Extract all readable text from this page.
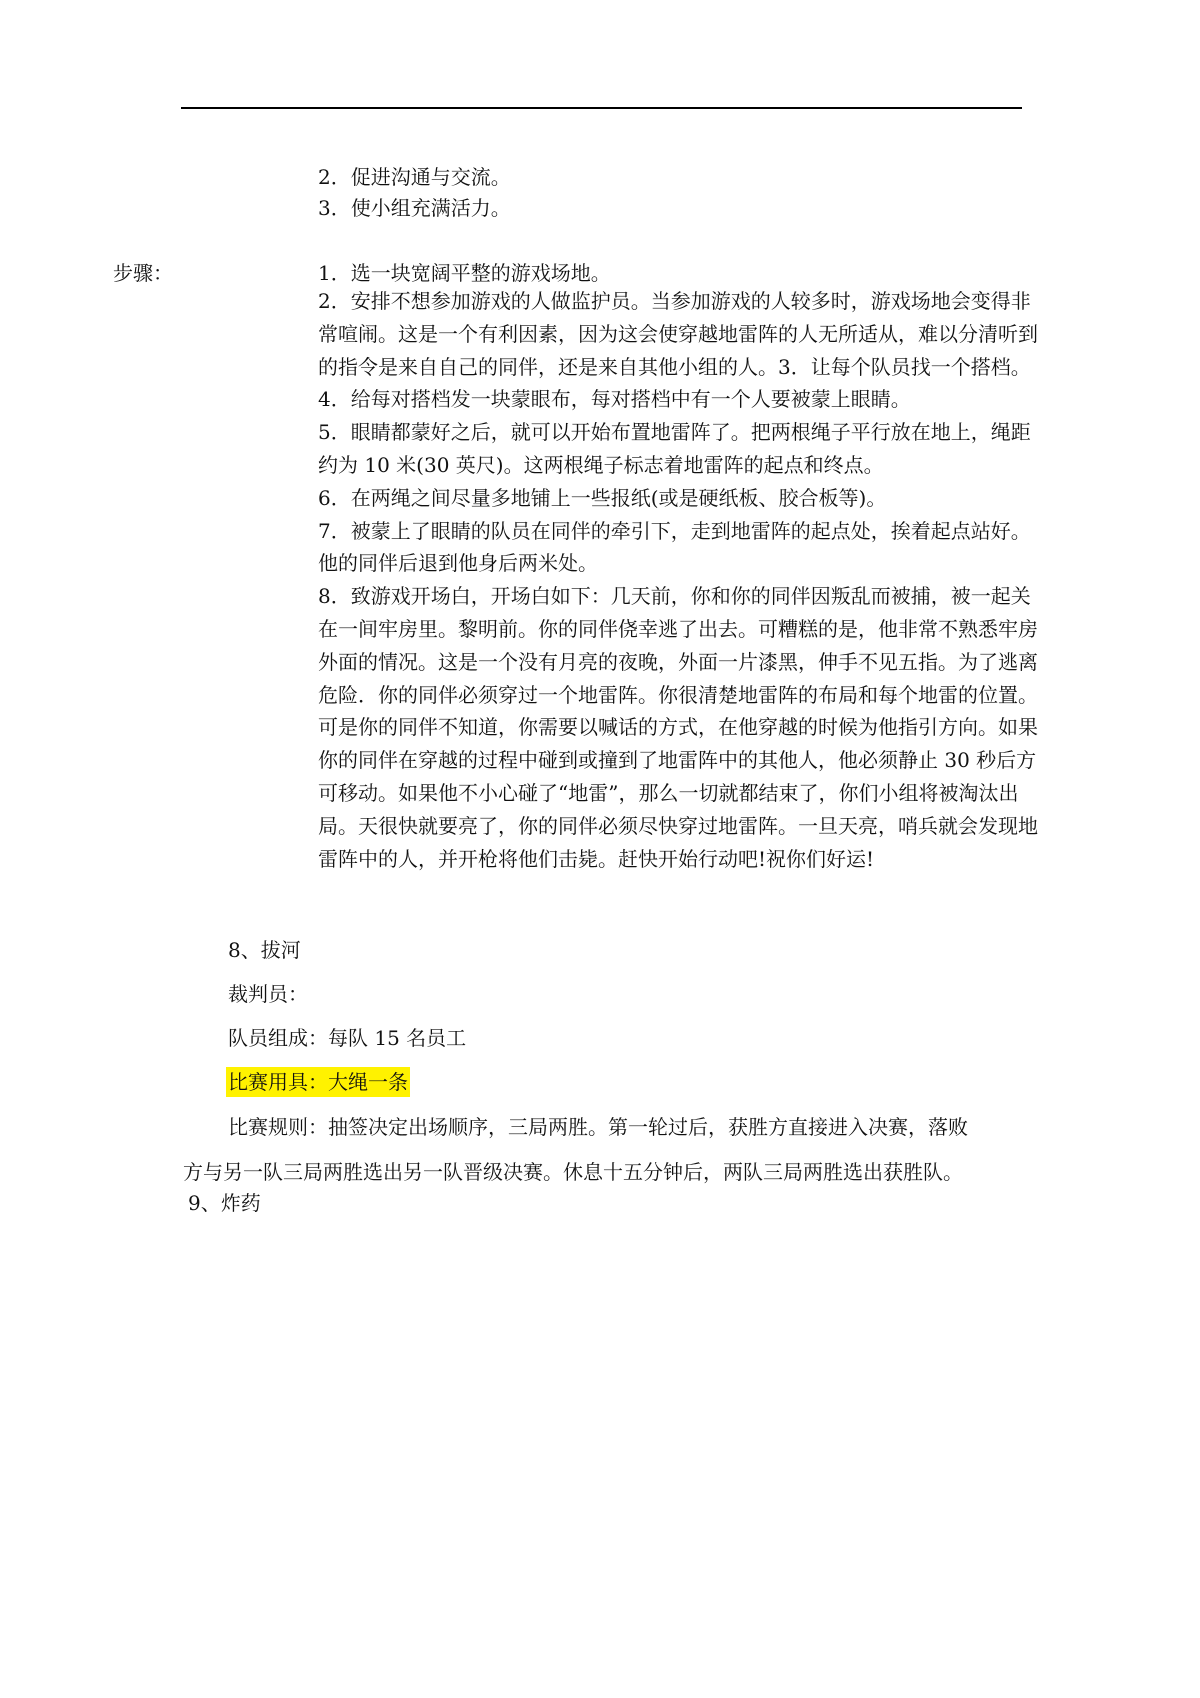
2．促进沟通与交流。
3．使小组充满活力。
步骤：	1．选一块宽阔平整的游戏场地。
2．安排不想参加游戏的人做监护员。当参加游戏的人较多时，游戏场地会变得非
常喧闹。这是一个有利因素，因为这会使穿越地雷阵的人无所适从，难以分清听到
的指令是来自自己的同伴，还是来自其他小组的人。3．让每个队员找一个搭档。
4．给每对搭档发一块蒙眼布，每对搭档中有一个人要被蒙上眼睛。
5．眼睛都蒙好之后，就可以开始布置地雷阵了。把两根绳子平行放在地上，绳距
约为 10 米(30 英尺)。这两根绳子标志着地雷阵的起点和终点。
6．在两绳之间尽量多地铺上一些报纸(或是硬纸板、胶合板等)。
7．被蒙上了眼睛的队员在同伴的牵引下，走到地雷阵的起点处，挨着起点站好。
他的同伴后退到他身后两米处。
8．致游戏开场白，开场白如下：几天前，你和你的同伴因叛乱而被捕，被一起关
在一间牢房里。黎明前。你的同伴侥幸逃了出去。可糟糕的是，他非常不熟悉牢房
外面的情况。这是一个没有月亮的夜晚，外面一片漆黑，伸手不见五指。为了逃离
危险．你的同伴必须穿过一个地雷阵。你很清楚地雷阵的布局和每个地雷的位置。
可是你的同伴不知道，你需要以喊话的方式，在他穿越的时候为他指引方向。如果
你的同伴在穿越的过程中碰到或撞到了地雷阵中的其他人，他必须静止 30 秒后方
可移动。如果他不小心碰了“地雷”，那么一切就都结束了，你们小组将被淘汰出
局。天很快就要亮了，你的同伴必须尽快穿过地雷阵。一旦天亮，哨兵就会发现地
雷阵中的人，并开枪将他们击毙。赶快开始行动吧!祝你们好运!
8、拔河
裁判员：
队员组成：每队 15 名员工
比赛用具：大绳一条
比赛规则：抽签决定出场顺序，三局两胜。第一轮过后，获胜方直接进入决赛，落败
方与另一队三局两胜选出另一队晋级决赛。休息十五分钟后，两队三局两胜选出获胜队。
9、炸药
